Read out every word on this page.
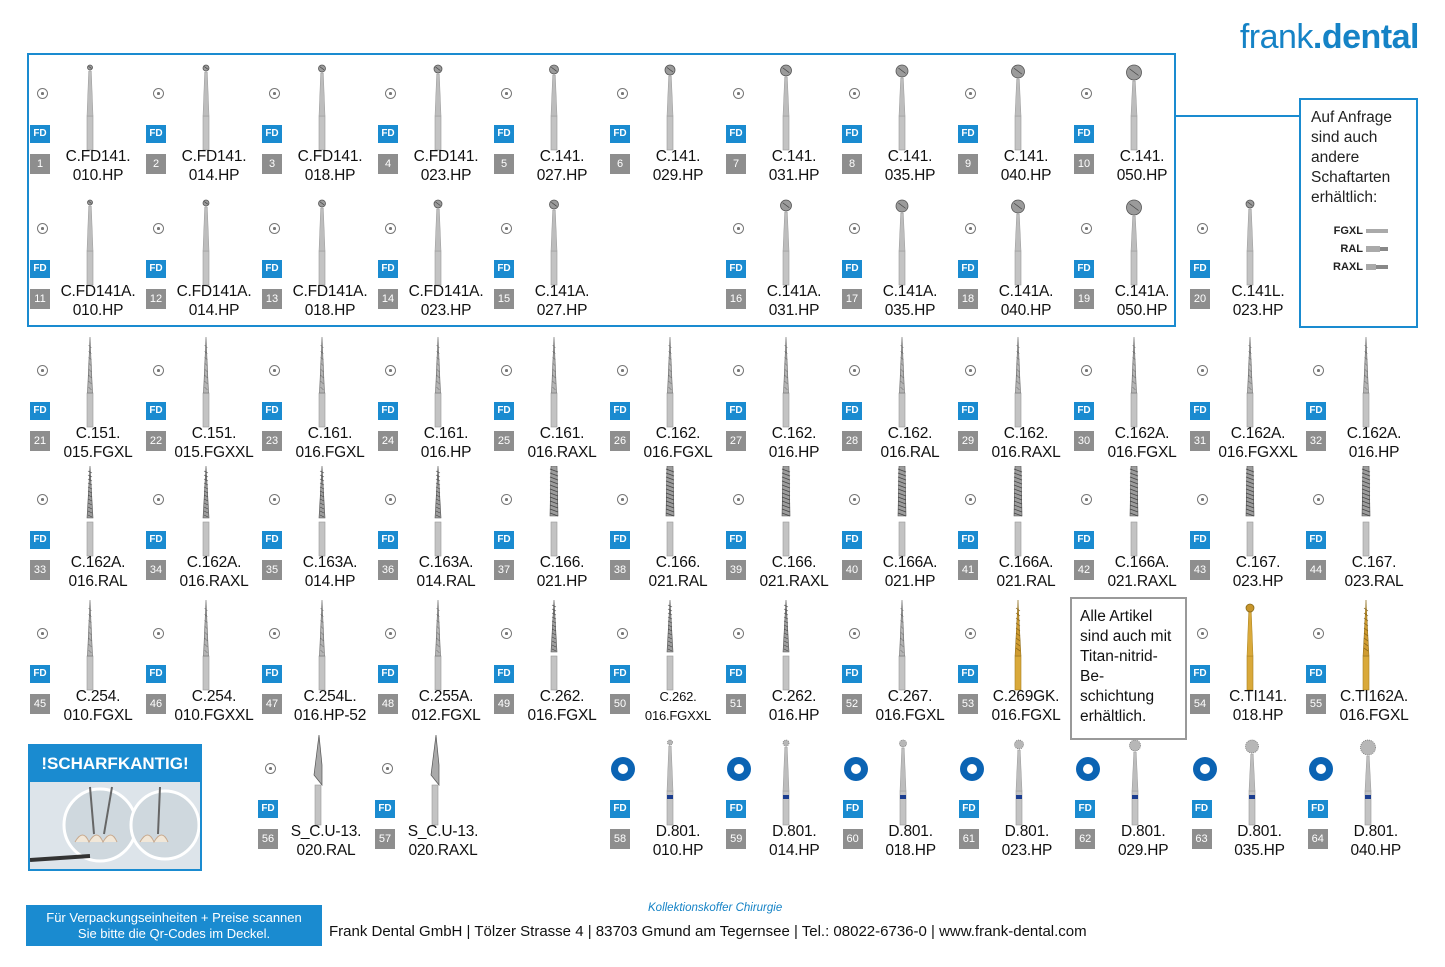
frank.dental
Auf Anfrage sind auch andere Schaftarten erhältlich:
FGXL
RAL
RAXL
FD
1	C.FD141.
010.HP
FD
2	C.FD141.
014.HP
FD
3	C.FD141.
018.HP
FD
4	C.FD141.
023.HP
FD
5	C.141.
027.HP
FD
6	C.141.
029.HP
FD
7	C.141.
031.HP
FD
8	C.141.
035.HP
FD
9	C.141.
040.HP
FD
10	C.141.
050.HP
FD
11 C.FD141A.
010.HP
FD
12 C.FD141A.
014.HP
FD
13 C.FD141A.
018.HP
FD
14 C.FD141A.
023.HP
FD
15	C.141A.
027.HP
FD
16	C.141A.
031.HP
FD
17	C.141A.
035.HP
FD
18	C.141A.
040.HP
FD
19	C.141A.
050.HP
FD
20	C.141L.
023.HP
FD
21	C.151.
015.FGXL
FD
22	C.151.
015.FGXXL
FD
23	C.161.
016.FGXL
FD
24	C.161.
016.HP
FD
25	C.161.
016.RAXL
FD
26	C.162.
016.FGXL
FD
27	C.162.
016.HP
FD
28	C.162.
016.RAL
FD
29	C.162.
016.RAXL
FD
30	C.162A.
016.FGXL
FD
31	C.162A.
016.FGXXL
FD
32	C.162A.
016.HP
FD
33	C.162A.
016.RAL
FD
34	C.162A.
016.RAXL
FD
35	C.163A.
014.HP
FD
36	C.163A.
014.RAL
FD
37	C.166.
021.HP
FD
38	C.166.
021.RAL
FD
39	C.166.
021.RAXL
FD
40	C.166A.
021.HP
FD
41	C.166A.
021.RAL
FD
42	C.166A.
021.RAXL
FD
43	C.167.
023.HP
FD
44	C.167.
023.RAL
FD
45	C.254.
010.FGXL
FD
46	C.254.
010.FGXXL
FD
47	C.254L.
016.HP-52
FD
48	C.255A.
012.FGXL
FD
49	C.262.
016.FGXL
FD
50	C.262.
016.FGXXL
FD
51	C.262.
016.HP
FD
52	C.267.
016.FGXL
FD
53	C.269GK.
016.FGXL
FD
54	C.TI141.
018.HP
FD
55	C.TI162A.
016.FGXL
FD
56	S_C.U-13.
020.RAL
FD
57	S_C.U-13.
020.RAXL
FD
58	D.801.
010.HP
FD
59	D.801.
014.HP
FD
60	D.801.
018.HP
FD
61	D.801.
023.HP
FD
62	D.801.
029.HP
FD
63	D.801.
035.HP
FD
64	D.801.
040.HP
Alle Artikel sind auch mit Titan-nitrid-Be-schichtung erhältlich.
!SCHARFKANTIG!
Für Verpackungseinheiten + Preise scannen
Sie bitte die Qr-Codes im Deckel.
Kollektionskoffer Chirurgie
Frank Dental GmbH | Tölzer Strasse 4 | 83703 Gmund am Tegernsee | Tel.: 08022-6736-0 | www.frank-dental.com
